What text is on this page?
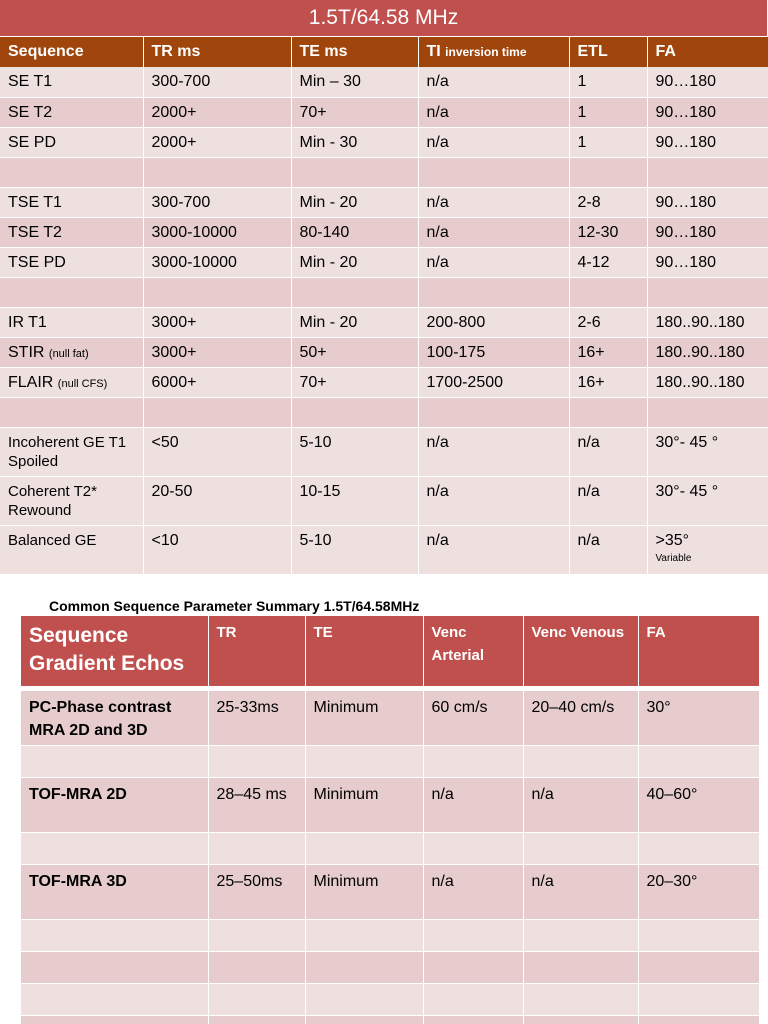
1.5T/64.58 MHz
Sequence	TR ms	TE ms	TI inversion time	ETL	FA
SE T1	300-700	Min – 30	n/a	1	90…180
SE T2	2000+	70+	n/a	1	90…180
SE PD	2000+	Min - 30	n/a	1	90…180

TSE T1	300-700	Min - 20	n/a	2-8	90…180
TSE T2	3000-10000	80-140	n/a	12-30	90…180
TSE PD	3000-10000	Min - 20	n/a	4-12	90…180

IR T1	3000+	Min - 20	200-800	2-6	180..90..180
STIR (null fat)	3000+	50+	100-175	16+	180..90..180
FLAIR (null CFS)	6000+	70+	1700-2500	16+	180..90..180

Incoherent GE T1 Spoiled	<50	5-10	n/a	n/a	30°- 45 °
Coherent T2* Rewound	20-50	10-15	n/a	n/a	30°- 45 °
Balanced GE	<10	5-10	n/a	n/a	>35°
Variable
Common Sequence Parameter Summary 1.5T/64.58MHz
Sequence Gradient Echos	TR	TE	Venc Arterial	Venc Venous	FA

PC-Phase contrast MRA 2D and 3D	25-33ms	Minimum	60 cm/s	20–40 cm/s	30°

TOF-MRA 2D	28–45 ms	Minimum	n/a	n/a	40–60°

TOF-MRA 3D	25–50ms	Minimum	n/a	n/a	20–30°
